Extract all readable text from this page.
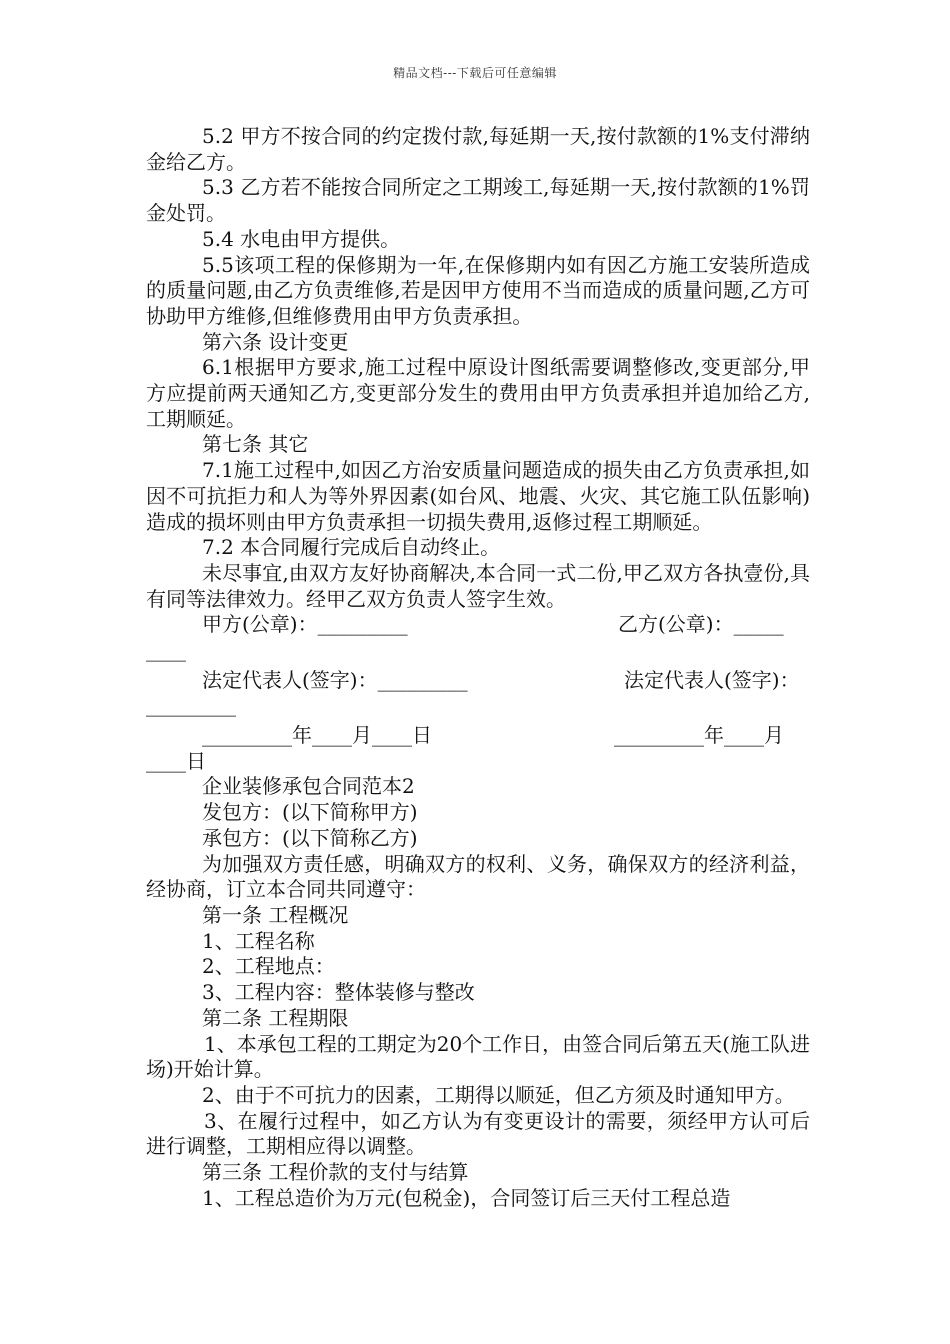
精品文档---下载后可任意编辑

5.2 甲方不按合同的约定拨付款,每延期一天,按付款额的1%支付滞纳金给乙方。

5.3 乙方若不能按合同所定之工期竣工,每延期一天,按付款额的1%罚金处罚。

5.4 水电由甲方提供。

5.5该项工程的保修期为一年,在保修期内如有因乙方施工安装所造成的质量问题,由乙方负责维修,若是因甲方使用不当而造成的质量问题,乙方可协助甲方维修,但维修费用由甲方负责承担。

第六条 设计变更

6.1根据甲方要求,施工过程中原设计图纸需要调整修改,变更部分,甲方应提前两天通知乙方,变更部分发生的费用由甲方负责承担并追加给乙方,工期顺延。

第七条 其它

7.1施工过程中,如因乙方治安质量问题造成的损失由乙方负责承担,如因不可抗拒力和人为等外界因素(如台风、地震、火灾、其它施工队伍影响)造成的损坏则由甲方负责承担一切损失费用,返修过程工期顺延。

7.2 本合同履行完成后自动终止。

未尽事宜,由双方友好协商解决,本合同一式二份,甲乙双方各执壹份,具有同等法律效力。经甲乙双方负责人签字生效。

甲方(公章)：_________	乙方(公章)：_____
____
法定代表人(签字)：_________	法定代表人(签字)：
_________
_________年____月____日	_________年____月
____日

企业装修承包合同范本2

发包方：(以下简称甲方)

承包方：(以下简称乙方)

为加强双方责任感，明确双方的权利、义务，确保双方的经济利益，经协商，订立本合同共同遵守：

第一条 工程概况

1、工程名称

2、工程地点：

3、工程内容：整体装修与整改

第二条 工程期限

1、本承包工程的工期定为20个工作日，由签合同后第五天(施工队进场)开始计算。

2、由于不可抗力的因素，工期得以顺延，但乙方须及时通知甲方。

3、在履行过程中，如乙方认为有变更设计的需要，须经甲方认可后进行调整，工期相应得以调整。

第三条 工程价款的支付与结算

1、工程总造价为万元(包税金)，合同签订后三天付工程总造
